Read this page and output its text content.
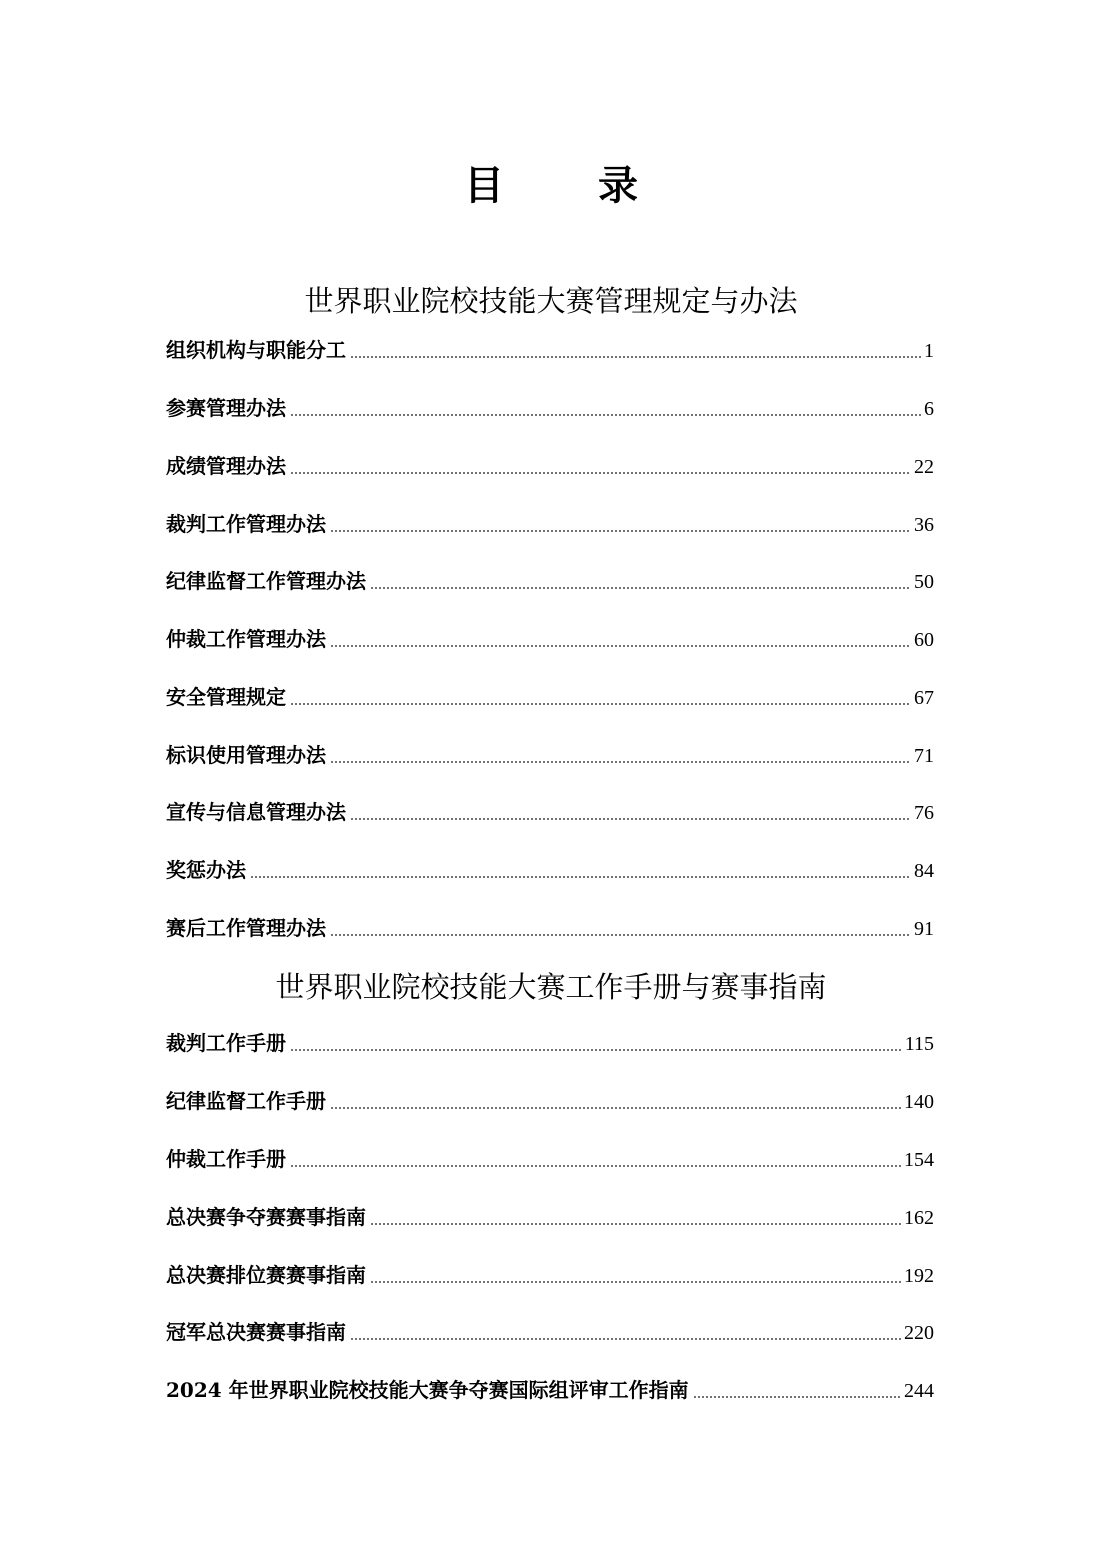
目 录
世界职业院校技能大赛管理规定与办法
组织机构与职能分工	1
参赛管理办法	6
成绩管理办法	22
裁判工作管理办法	36
纪律监督工作管理办法	50
仲裁工作管理办法	60
安全管理规定	67
标识使用管理办法	71
宣传与信息管理办法	76
奖惩办法	84
赛后工作管理办法	91
世界职业院校技能大赛工作手册与赛事指南
裁判工作手册	115
纪律监督工作手册	140
仲裁工作手册	154
总决赛争夺赛赛事指南	162
总决赛排位赛赛事指南	192
冠军总决赛赛事指南	220
2024 年世界职业院校技能大赛争夺赛国际组评审工作指南	244
